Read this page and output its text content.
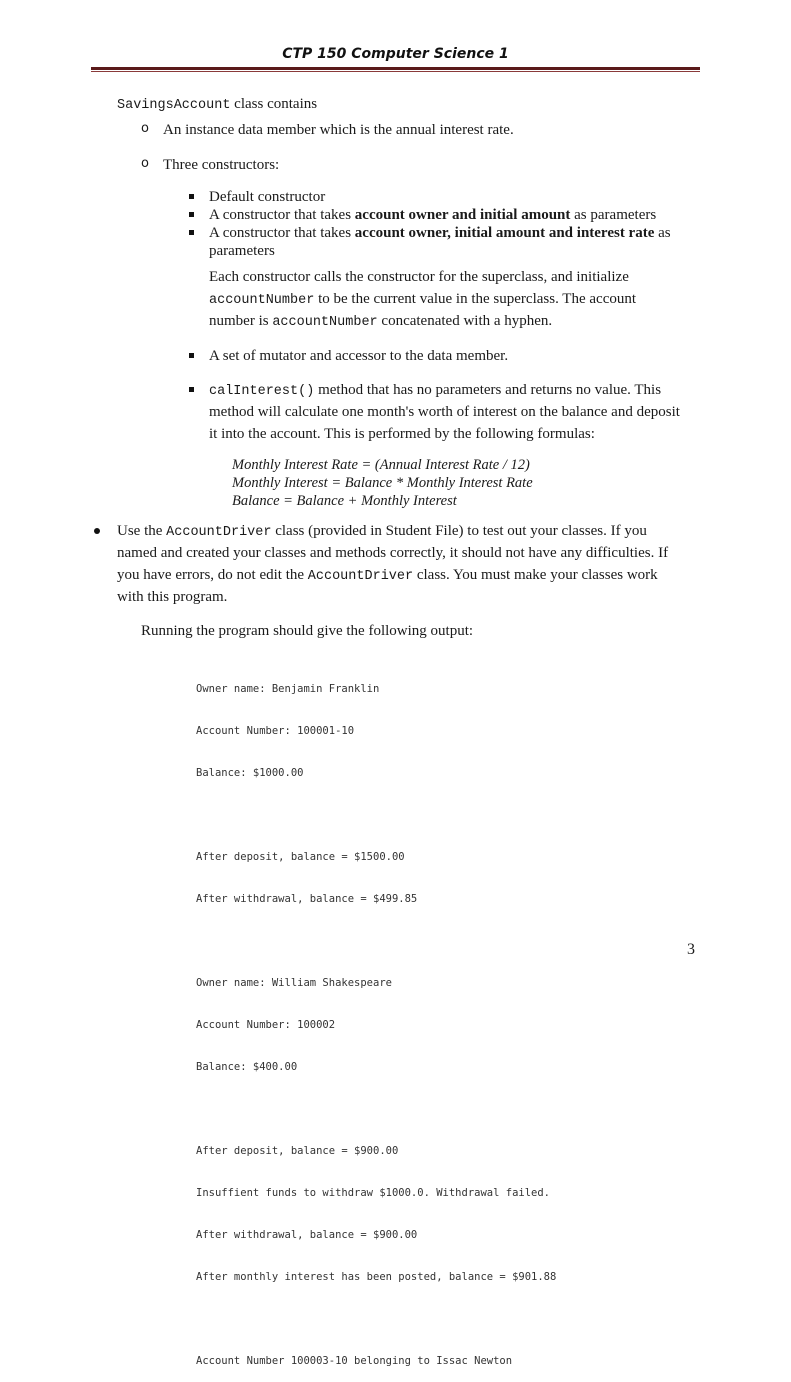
CTP 150 Computer Science 1
SavingsAccount class contains
o An instance data member which is the annual interest rate.
o Three constructors:
Default constructor
A constructor that takes account owner and initial amount as parameters
A constructor that takes account owner, initial amount and interest rate as
parameters
Each constructor calls the constructor for the superclass, and initialize
accountNumber to be the current value in the superclass. The account
number is accountNumber concatenated with a hyphen.
A set of mutator and accessor to the data member.
calInterest() method that has no parameters and returns no value. This
method will calculate one month's worth of interest on the balance and deposit
it into the account. This is performed by the following formulas:
Monthly Interest Rate = (Annual Interest Rate / 12)
Monthly Interest = Balance * Monthly Interest Rate
Balance = Balance + Monthly Interest
Use the AccountDriver class (provided in Student File) to test out your classes. If you
named and created your classes and methods correctly, it should not have any difficulties. If
you have errors, do not edit the AccountDriver class. You must make your classes work
with this program.
Running the program should give the following output:

Owner name: Benjamin Franklin

Account Number: 100001-10

Balance: $1000.00

After deposit, balance = $1500.00

After withdrawal, balance = $499.85

Owner name: William Shakespeare

Account Number: 100002

Balance: $400.00

After deposit, balance = $900.00

Insuffient funds to withdraw $1000.0. Withdrawal failed.

After withdrawal, balance = $900.00

After monthly interest has been posted, balance = $901.88

Account Number 100003-10 belonging to Issac Newton

3
